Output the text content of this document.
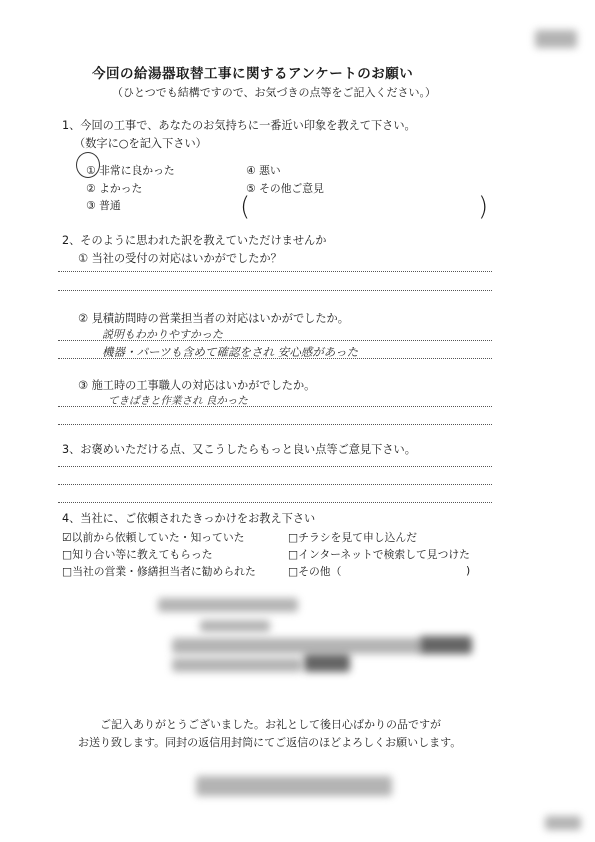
今回の給湯器取替工事に関するアンケートのお願い
（ひとつでも結構ですので、お気づきの点等をご記入ください。）
1、今回の工事で、あなたのお気持ちに一番近い印象を教えて下さい。
（数字に○を記入下さい）
① 非常に良かった
② よかった
③ 普通
④ 悪い
⑤ その他ご意見
(	)
2、そのように思われた訳を教えていただけませんか
① 当社の受付の対応はいかがでしたか？
② 見積訪問時の営業担当者の対応はいかがでしたか。
説明もわかりやすかった
機器・パーツも含めて確認をされ 安心感があった
③ 施工時の工事職人の対応はいかがでしたか。
てきぱきと作業され 良かった
3、お褒めいただける点、又こうしたらもっと良い点等ご意見下さい。
4、当社に、ご依頼されたきっかけをお教え下さい
☑以前から依頼していた・知っていた
□知り合い等に教えてもらった
□当社の営業・修繕担当者に勧められた
□チラシを見て申し込んだ
□インターネットで検索して見つけた
□その他（	)
ご記入ありがとうございました。お礼として後日心ばかりの品ですが
お送り致します。同封の返信用封筒にてご返信のほどよろしくお願いします。
